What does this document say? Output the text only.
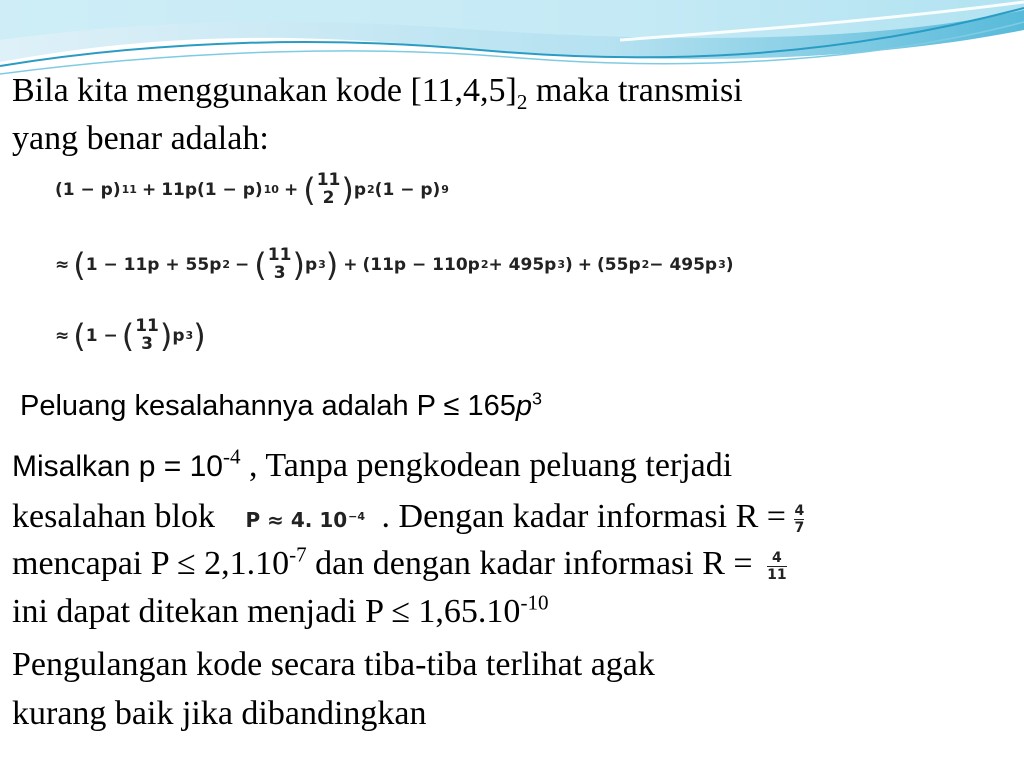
Bila kita menggunakan kode $[11,4,5]_2$ maka transmisi
yang benar adalah:
(1 − p) 11 + 11p(1 − p) 10 + ( 11
2 ) p 2 (1 − p) 9
≈ ( 1 − 11p + 55p 2 − ( 11
3 ) p 3 ) + (11p − 110p 2 + 495p 3 ) + (55p 2 − 495p 3 )
≈ ( 1 − ( 11
3 ) p 3 )
Peluang kesalahannya adalah $P \le 165p^3$
Misalkan $p = 10^{-4}$ , Tanpa pengkodean peluang terjadi
kesalahan blok P ≈ 4. $10^{-4}$ . Dengan kadar informasi $R = \frac{4}{7}$
mencapai $P \le 2,1.10^{-7}$ dan dengan kadar informasi $R = \frac{4}{11}$
ini dapat ditekan menjadi $P \le 1,65.10^{-10}$
Pengulangan kode secara tiba-tiba terlihat agak
kurang baik jika dibandingkan
